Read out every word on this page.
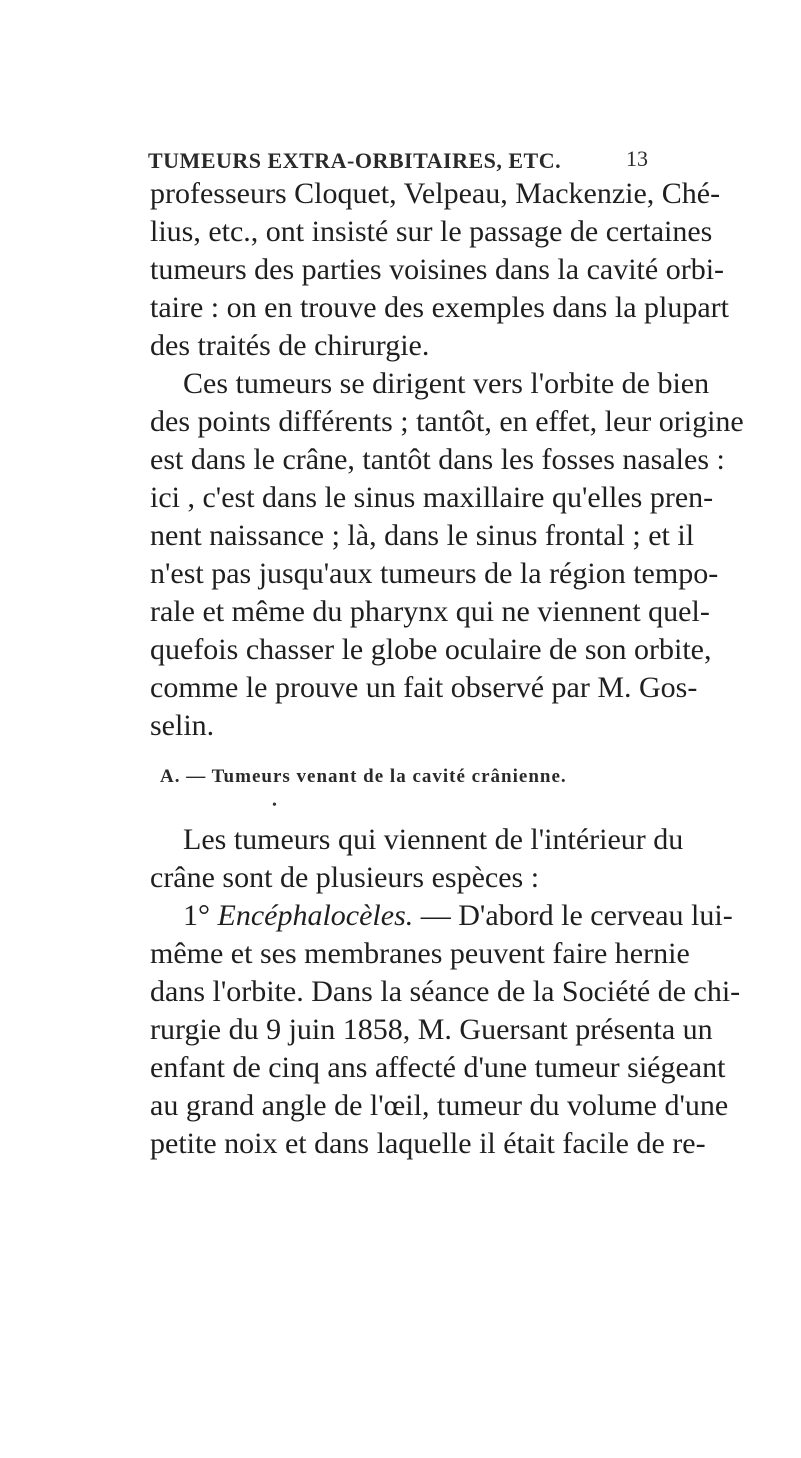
TUMEURS EXTRA-ORBITAIRES, ETC.	13
professeurs Cloquet, Velpeau, Mackenzie, Ché-
lius, etc., ont insisté sur le passage de certaines
tumeurs des parties voisines dans la cavité orbi-
taire : on en trouve des exemples dans la plupart
des traités de chirurgie.
Ces tumeurs se dirigent vers l'orbite de bien
des points différents ; tantôt, en effet, leur origine
est dans le crâne, tantôt dans les fosses nasales :
ici , c'est dans le sinus maxillaire qu'elles pren-
nent naissance ; là, dans le sinus frontal ; et il
n'est pas jusqu'aux tumeurs de la région tempo-
rale et même du pharynx qui ne viennent quel-
quefois chasser le globe oculaire de son orbite,
comme le prouve un fait observé par M. Gos-
selin.
A. — Tumeurs venant de la cavité crânienne.
•
Les tumeurs qui viennent de l'intérieur du
crâne sont de plusieurs espèces :
1° Encéphalocèles. — D'abord le cerveau lui-
même et ses membranes peuvent faire hernie
dans l'orbite. Dans la séance de la Société de chi-
rurgie du 9 juin 1858, M. Guersant présenta un
enfant de cinq ans affecté d'une tumeur siégeant
au grand angle de l'œil, tumeur du volume d'une
petite noix et dans laquelle il était facile de re-
